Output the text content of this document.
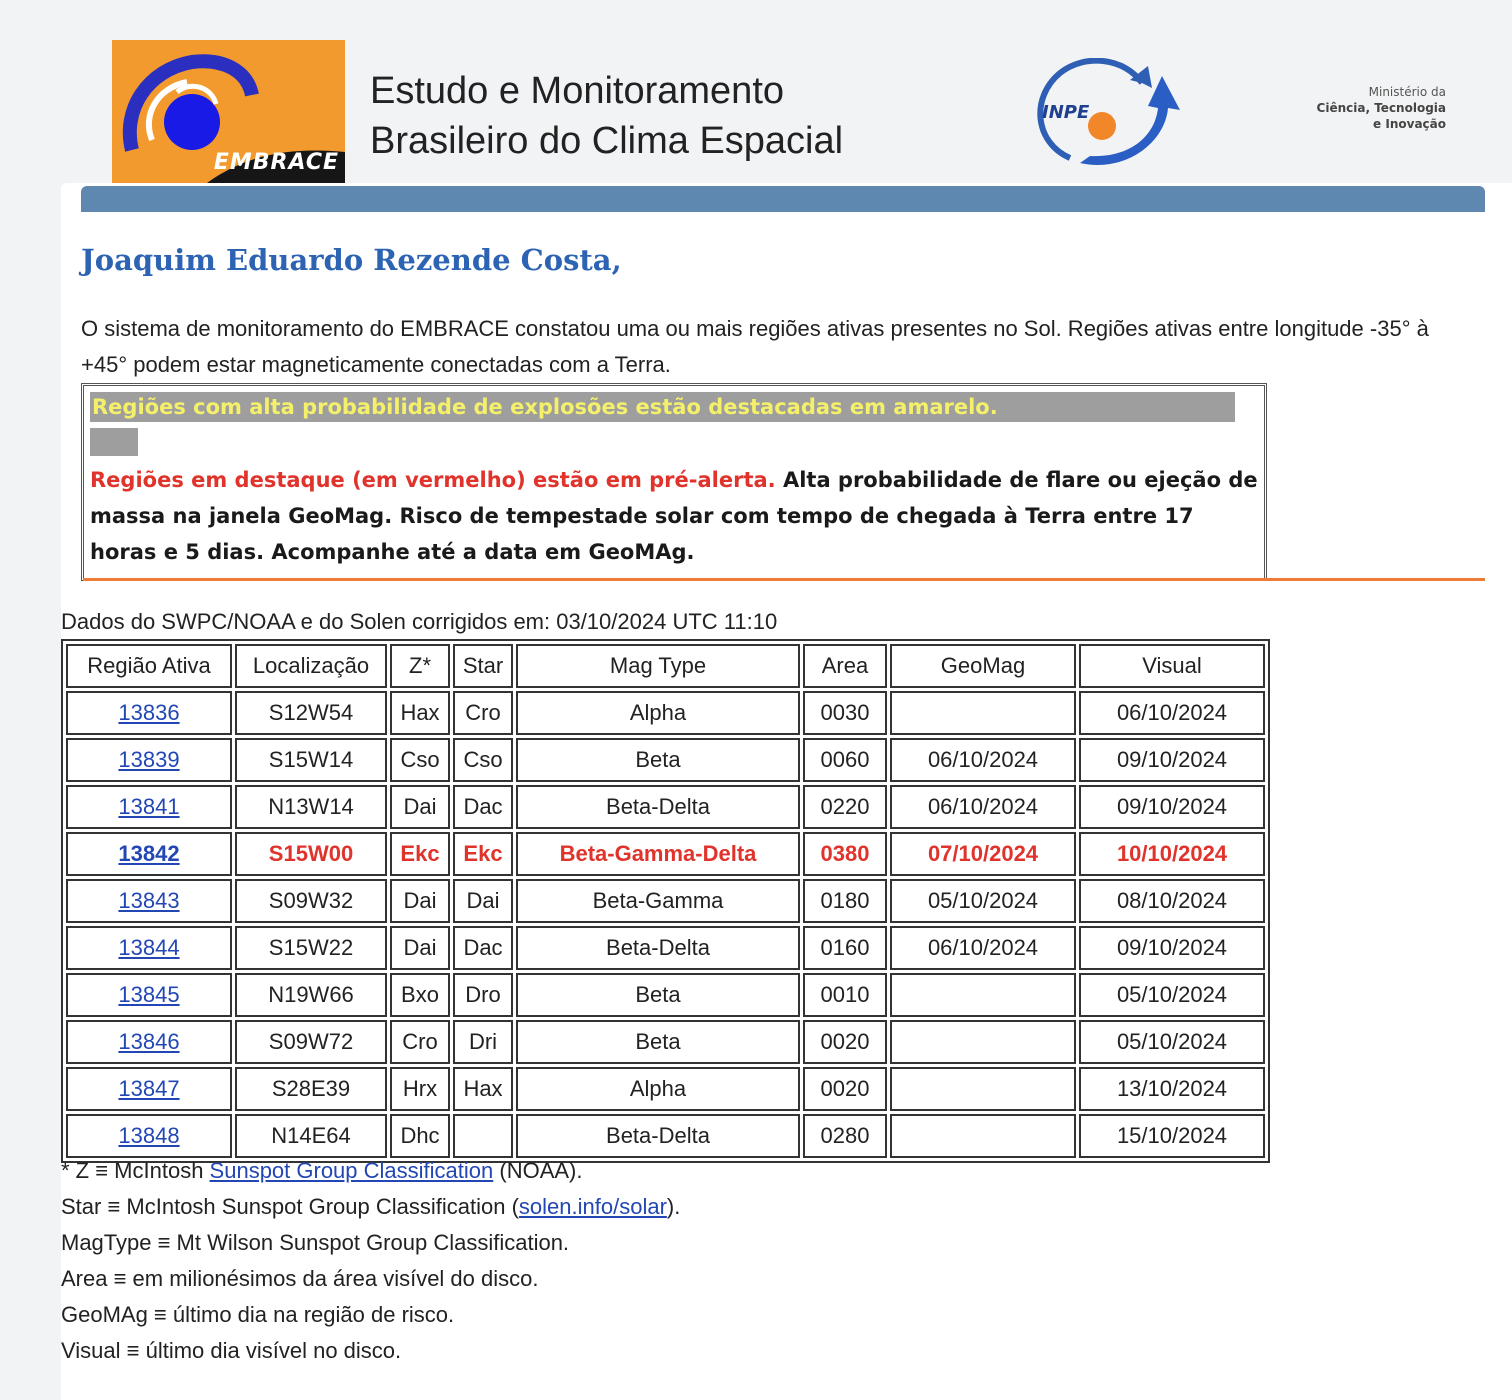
EMBRACE
Estudo e Monitoramento
Brasileiro do Clima Espacial
INPE
Ministério da
Ciência, Tecnologia
e Inovação
Joaquim Eduardo Rezende Costa,
O sistema de monitoramento do EMBRACE constatou uma ou mais regiões ativas presentes no Sol. Regiões ativas entre longitude -35° à +45° podem estar magneticamente conectadas com a Terra.
Regiões com alta probabilidade de explosões estão destacadas em amarelo.
Regiões em destaque (em vermelho) estão em pré-alerta. Alta probabilidade de flare ou ejeção de massa na janela GeoMag. Risco de tempestade solar com tempo de chegada à Terra entre 17 horas e 5 dias. Acompanhe até a data em GeoMAg.
Dados do SWPC/NOAA e do Solen corrigidos em: 03/10/2024 UTC 11:10
Região Ativa	Localização	Z*	Star	Mag Type	Area	GeoMag	Visual
13836	S12W54	Hax	Cro	Alpha	0030		06/10/2024
13839	S15W14	Cso	Cso	Beta	0060	06/10/2024	09/10/2024
13841	N13W14	Dai	Dac	Beta-Delta	0220	06/10/2024	09/10/2024
13842	S15W00	Ekc	Ekc	Beta-Gamma-Delta	0380	07/10/2024	10/10/2024
13843	S09W32	Dai	Dai	Beta-Gamma	0180	05/10/2024	08/10/2024
13844	S15W22	Dai	Dac	Beta-Delta	0160	06/10/2024	09/10/2024
13845	N19W66	Bxo	Dro	Beta	0010		05/10/2024
13846	S09W72	Cro	Dri	Beta	0020		05/10/2024
13847	S28E39	Hrx	Hax	Alpha	0020		13/10/2024
13848	N14E64	Dhc		Beta-Delta	0280		15/10/2024
* Z ≡ McIntosh Sunspot Group Classification (NOAA).
Star ≡ McIntosh Sunspot Group Classification (solen.info/solar).
MagType ≡ Mt Wilson Sunspot Group Classification.
Area ≡ em milionésimos da área visível do disco.
GeoMAg ≡ último dia na região de risco.
Visual ≡ último dia visível no disco.
